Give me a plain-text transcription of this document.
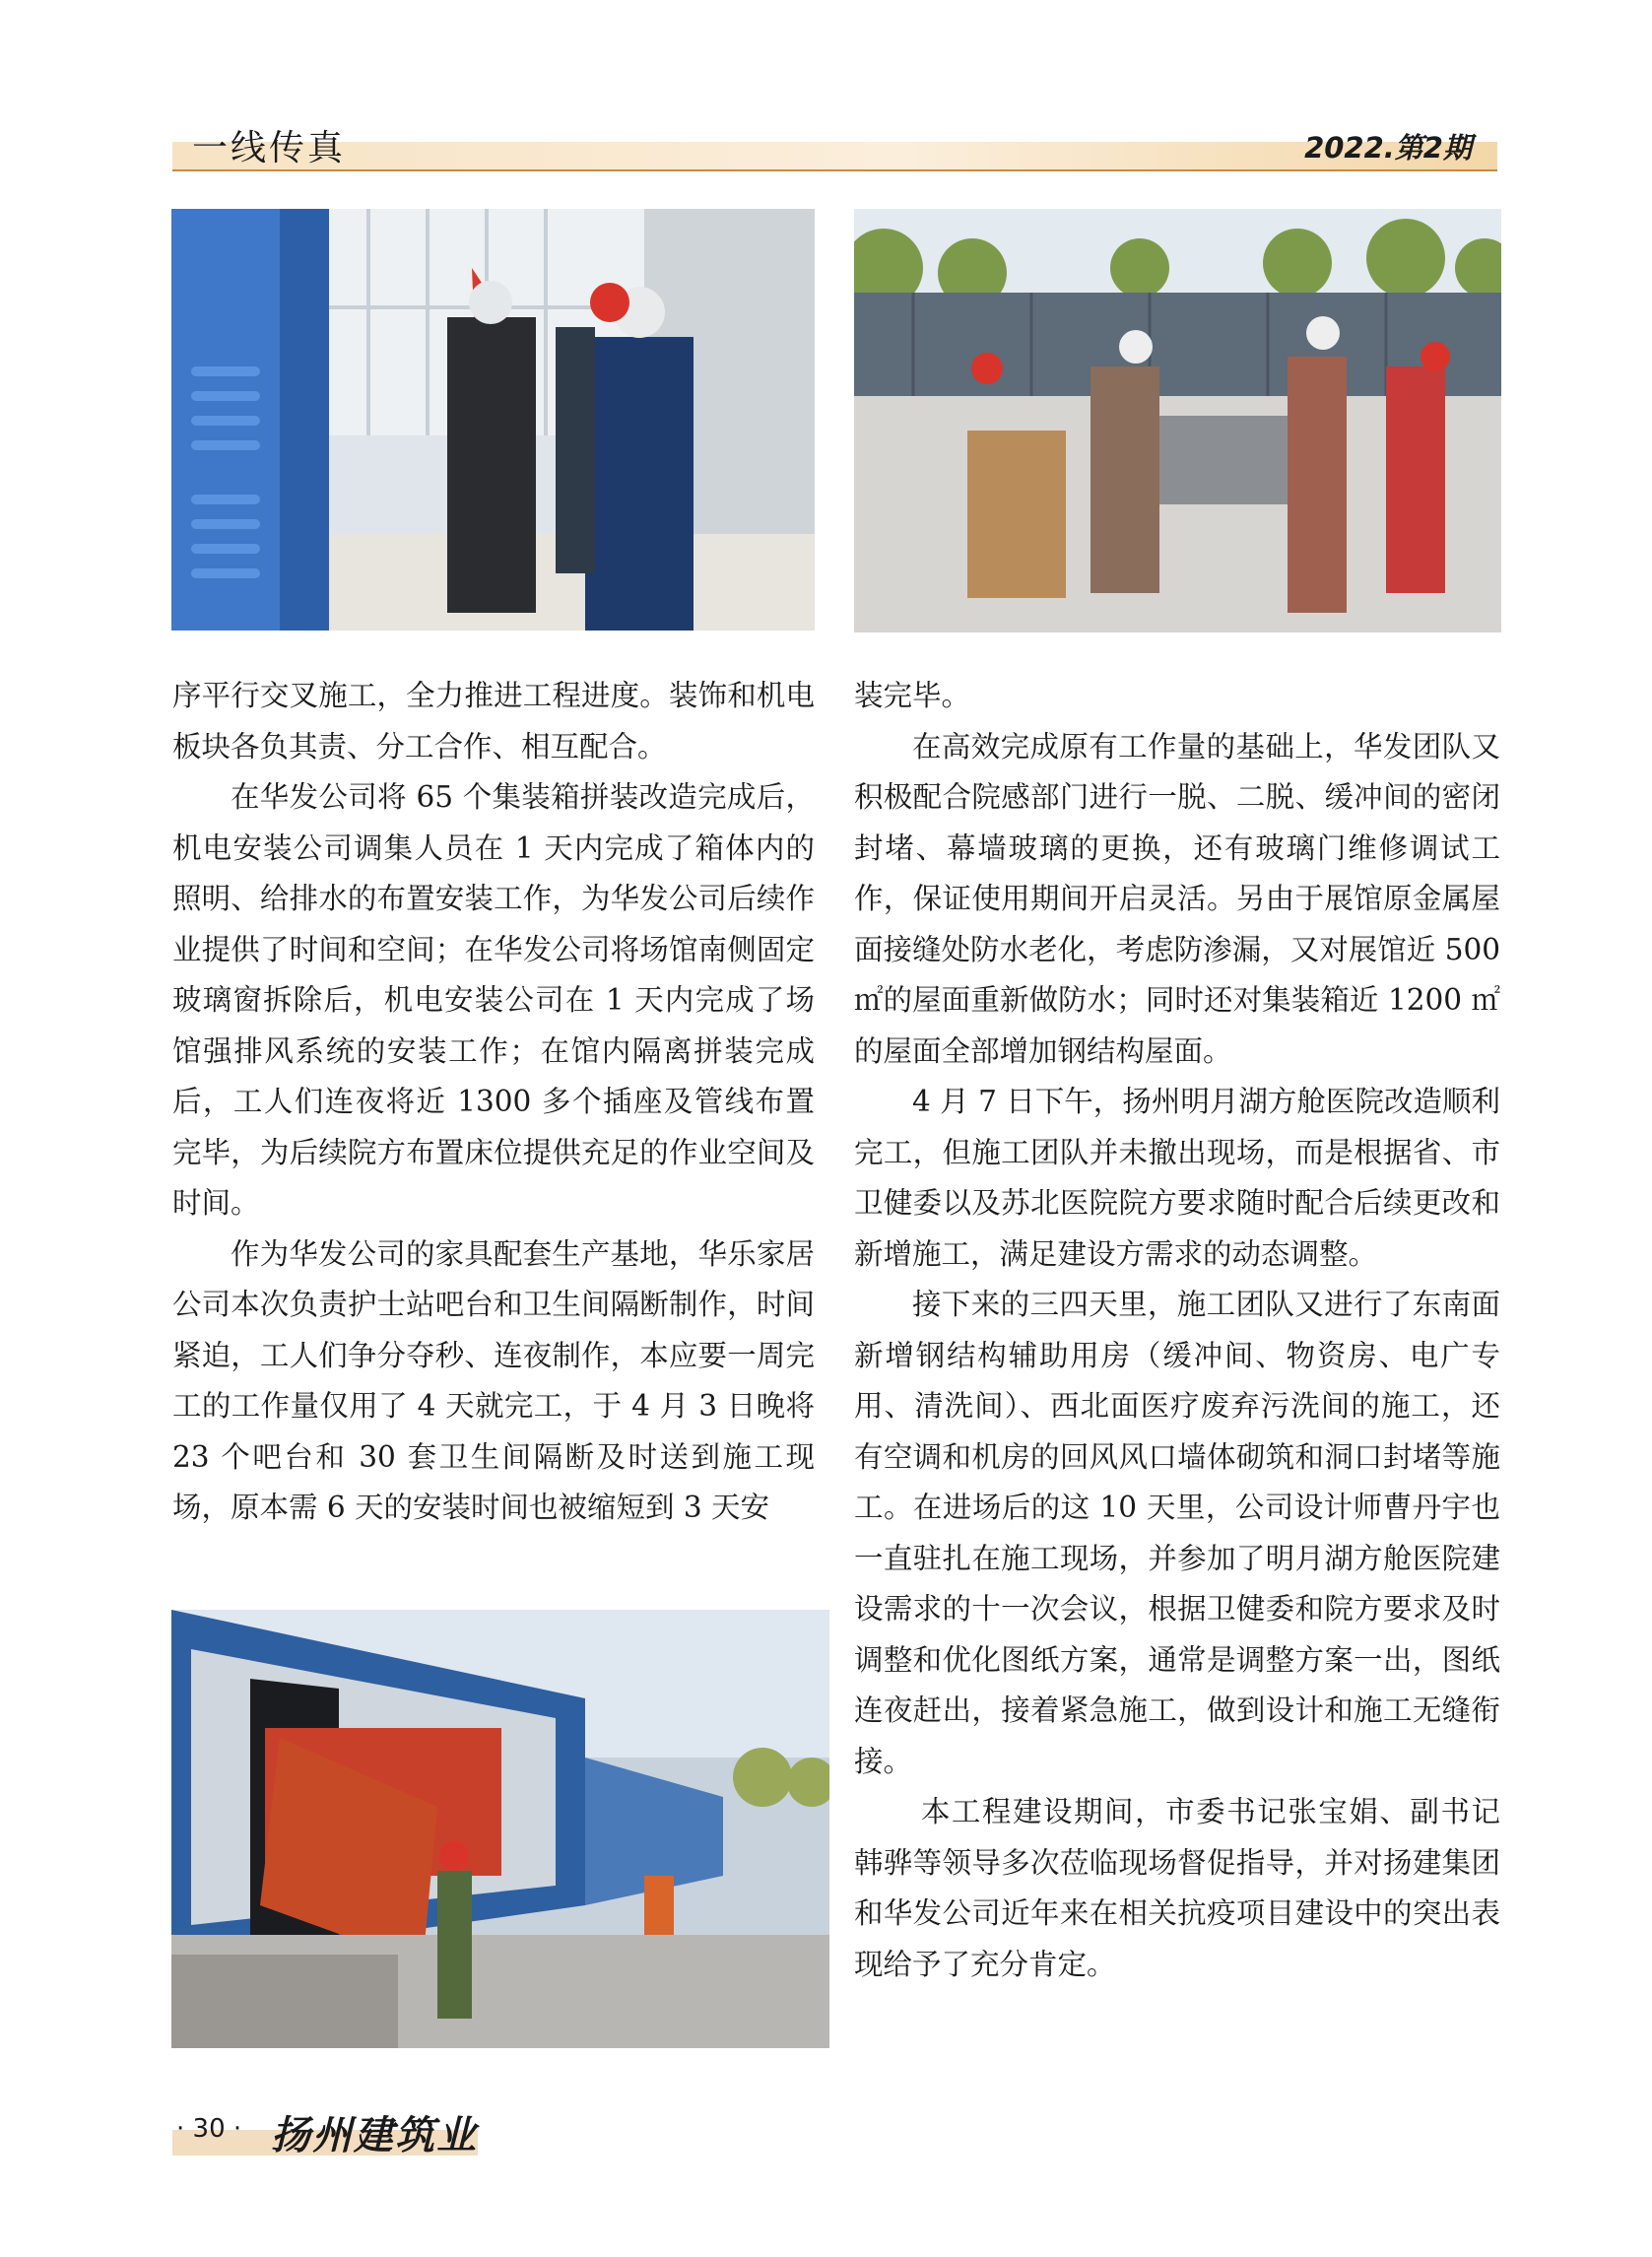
一线传真	2022.第2期

序平行交叉施工，全力推进工程进度。装饰和机电板块各负其责、分工合作、相互配合。

在华发公司将 65 个集装箱拼装改造完成后，机电安装公司调集人员在 1 天内完成了箱体内的照明、给排水的布置安装工作，为华发公司后续作业提供了时间和空间；在华发公司将场馆南侧固定玻璃窗拆除后，机电安装公司在 1 天内完成了场馆强排风系统的安装工作；在馆内隔离拼装完成后，工人们连夜将近 1300 多个插座及管线布置完毕，为后续院方布置床位提供充足的作业空间及时间。

作为华发公司的家具配套生产基地，华乐家居公司本次负责护士站吧台和卫生间隔断制作，时间紧迫，工人们争分夺秒、连夜制作，本应要一周完工的工作量仅用了 4 天就完工，于 4 月 3 日晚将 23 个吧台和 30 套卫生间隔断及时送到施工现场，原本需 6 天的安装时间也被缩短到 3 天安

装完毕。

在高效完成原有工作量的基础上，华发团队又积极配合院感部门进行一脱、二脱、缓冲间的密闭封堵、幕墙玻璃的更换，还有玻璃门维修调试工作，保证使用期间开启灵活。另由于展馆原金属屋面接缝处防水老化，考虑防渗漏，又对展馆近 500 ㎡的屋面重新做防水；同时还对集装箱近 1200 ㎡的屋面全部增加钢结构屋面。

4 月 7 日下午，扬州明月湖方舱医院改造顺利完工，但施工团队并未撤出现场，而是根据省、市卫健委以及苏北医院院方要求随时配合后续更改和新增施工，满足建设方需求的动态调整。

接下来的三四天里，施工团队又进行了东南面新增钢结构辅助用房（缓冲间、物资房、电广专用、清洗间）、西北面医疗废弃污洗间的施工，还有空调和机房的回风风口墙体砌筑和洞口封堵等施工。在进场后的这 10 天里，公司设计师曹丹宇也一直驻扎在施工现场，并参加了明月湖方舱医院建设需求的十一次会议，根据卫健委和院方要求及时调整和优化图纸方案，通常是调整方案一出，图纸连夜赶出，接着紧急施工，做到设计和施工无缝衔接。

本工程建设期间，市委书记张宝娟、副书记韩骅等领导多次莅临现场督促指导，并对扬建集团和华发公司近年来在相关抗疫项目建设中的突出表现给予了充分肯定。

· 30 · 扬州建筑业
